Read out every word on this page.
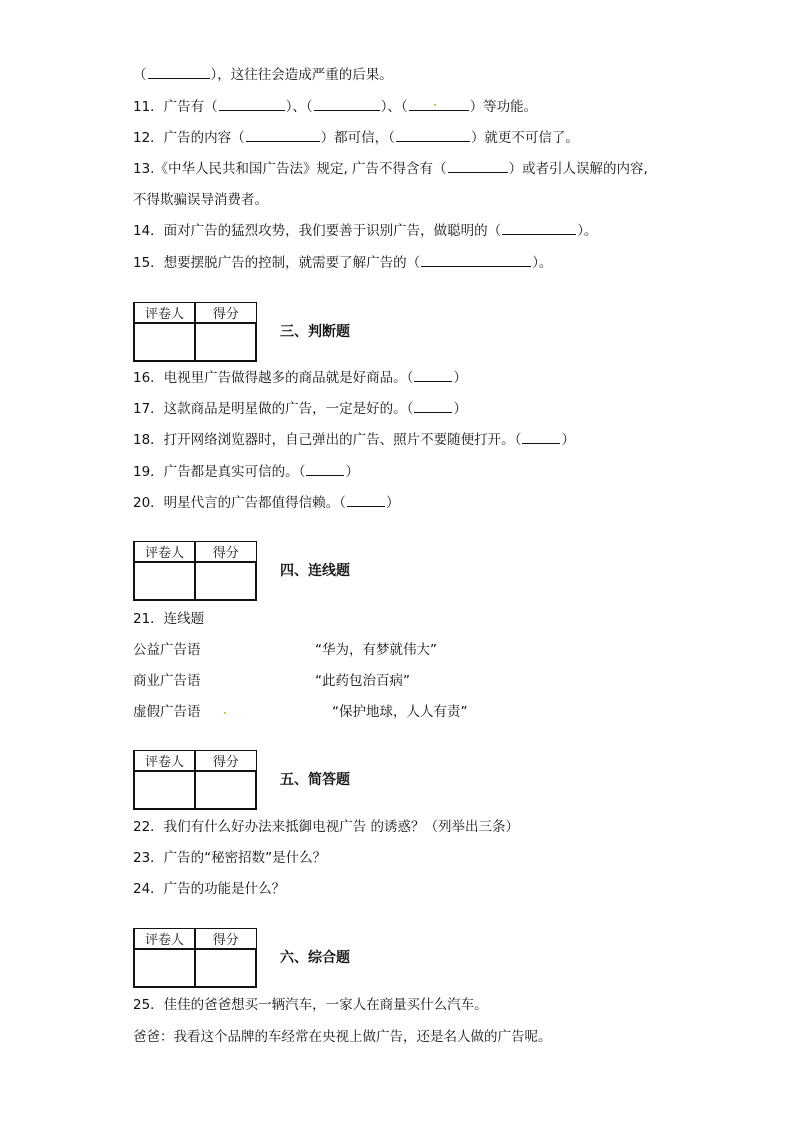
（	），这往往会造成严重的后果。
11．广告有（	）、（	）、（	）等功能。
12．广告的内容（	）都可信，（	）就更不可信了。
13.《中华人民共和国广告法》规定, 广告不得含有（	）或者引人误解的内容,
不得欺骗误导消费者。
14．面对广告的猛烈攻势，我们要善于识别广告，做聪明的（	）。
15．想要摆脱广告的控制，就需要了解广告的（	）。
评卷人	得分

三、判断题
16．电视里广告做得越多的商品就是好商品。（	）
17．这款商品是明星做的广告，一定是好的。（	）
18．打开网络浏览器时，自己弹出的广告、照片不要随便打开。（	）
19．广告都是真实可信的。（	）
20．明星代言的广告都值得信赖。（	）
评卷人	得分

四、连线题
21．连线题
公益广告语	“华为，有梦就伟大”
商业广告语	“此药包治百病”
虚假广告语	“保护地球，人人有责”
评卷人	得分

五、简答题
22．我们有什么好办法来抵御电视广告 的诱惑？（列举出三条）
23．广告的“秘密招数”是什么？
24．广告的功能是什么？
评卷人	得分

六、综合题
25．佳佳的爸爸想买一辆汽车，一家人在商量买什么汽车。
爸爸：我看这个品牌的车经常在央视上做广告，还是名人做的广告呢。
